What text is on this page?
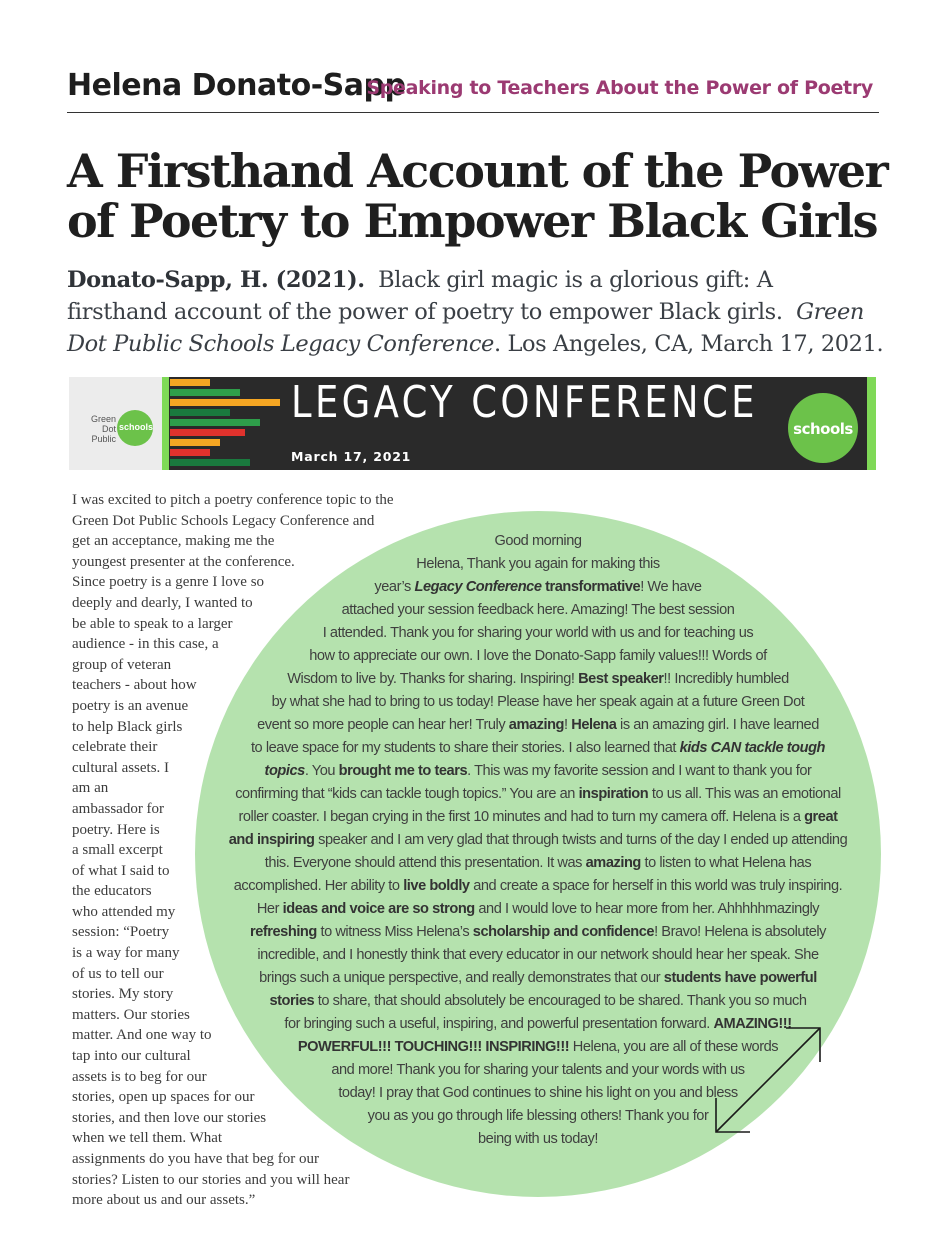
Helena Donato-Sapp
Speaking to Teachers About the Power of Poetry
A Firsthand Account of the Power
of Poetry to Empower Black Girls
Donato-Sapp, H. (2021). Black girl magic is a glorious gift: A
firsthand account of the power of poetry to empower Black girls. Green
Dot Public Schools Legacy Conference. Los Angeles, CA, March 17, 2021.
Green Dot
Public
schools	LEGACY CONFERENCE
March 17, 2021
schools
I was excited to pitch a poetry conference topic to the
Green Dot Public Schools Legacy Conference and
get an acceptance, making me the
youngest presenter at the conference.
Since poetry is a genre I love so
deeply and dearly, I wanted to
be able to speak to a larger
audience - in this case, a
group of veteran
teachers - about how
poetry is an avenue
to help Black girls
celebrate their
cultural assets. I
am an
ambassador for
poetry. Here is
a small excerpt
of what I said to
the educators
who attended my
session: “Poetry
is a way for many
of us to tell our
stories. My story
matters. Our stories
matter. And one way to
tap into our cultural
assets is to beg for our
stories, open up spaces for our
stories, and then love our stories
when we tell them. What
assignments do you have that beg for our
stories? Listen to our stories and you will hear
more about us and our assets.”
Good morning
Helena, Thank you again for making this
year’s Legacy Conference transformative! We have
attached your session feedback here. Amazing! The best session
I attended. Thank you for sharing your world with us and for teaching us
how to appreciate our own. I love the Donato-Sapp family values!!! Words of
Wisdom to live by. Thanks for sharing. Inspiring! Best speaker!! Incredibly humbled
by what she had to bring to us today! Please have her speak again at a future Green Dot
event so more people can hear her! Truly amazing! Helena is an amazing girl. I have learned
to leave space for my students to share their stories. I also learned that kids CAN tackle tough
topics. You brought me to tears. This was my favorite session and I want to thank you for
confirming that “kids can tackle tough topics.” You are an inspiration to us all. This was an emotional
roller coaster. I began crying in the first 10 minutes and had to turn my camera off. Helena is a great
and inspiring speaker and I am very glad that through twists and turns of the day I ended up attending
this. Everyone should attend this presentation. It was amazing to listen to what Helena has
accomplished. Her ability to live boldly and create a space for herself in this world was truly inspiring.
Her ideas and voice are so strong and I would love to hear more from her. Ahhhhhmazingly
refreshing to witness Miss Helena’s scholarship and confidence! Bravo! Helena is absolutely
incredible, and I honestly think that every educator in our network should hear her speak. She
brings such a unique perspective, and really demonstrates that our students have powerful
stories to share, that should absolutely be encouraged to be shared. Thank you so much
for bringing such a useful, inspiring, and powerful presentation forward. AMAZING!!!
POWERFUL!!! TOUCHING!!! INSPIRING!!! Helena, you are all of these words
and more! Thank you for sharing your talents and your words with us
today! I pray that God continues to shine his light on you and bless
you as you go through life blessing others! Thank you for
being with us today!
